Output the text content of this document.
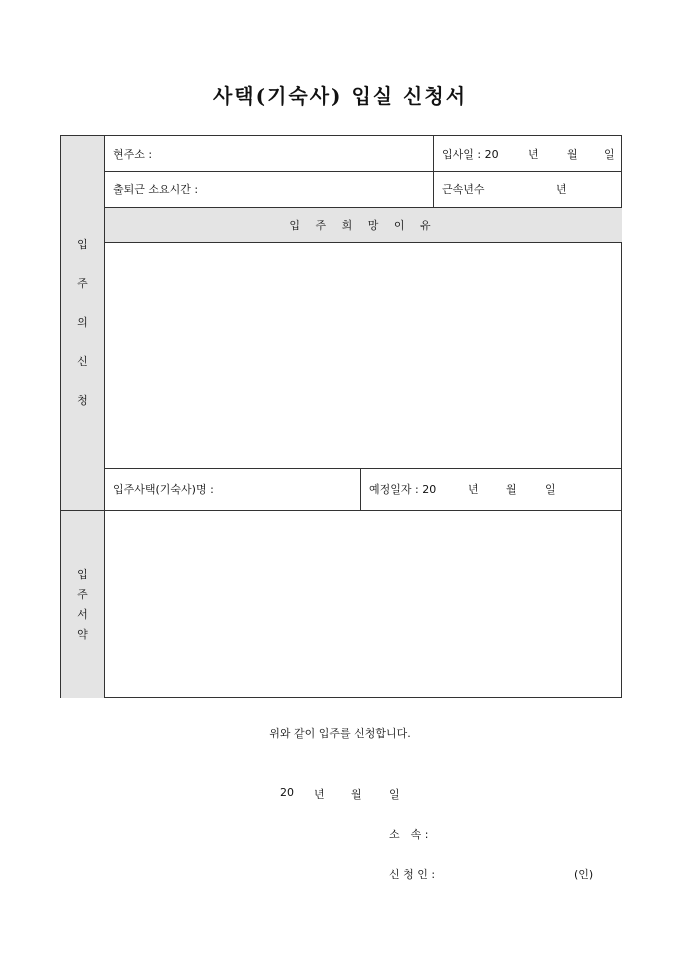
사택(기숙사) 입실 신청서
입 주 희 망 이 유
현주소 :	입사일 : 20	년	월 일
출퇴근 소요시간 :	근속년수	년
입주사택(기숙사)명 :	예정일자 : 20	년 월	일
입
주
의
신
청
입
주
서
약
위와 같이 입주를 신청합니다.
20 년 월 일
소　속 :
신 청 인 :	(인)
